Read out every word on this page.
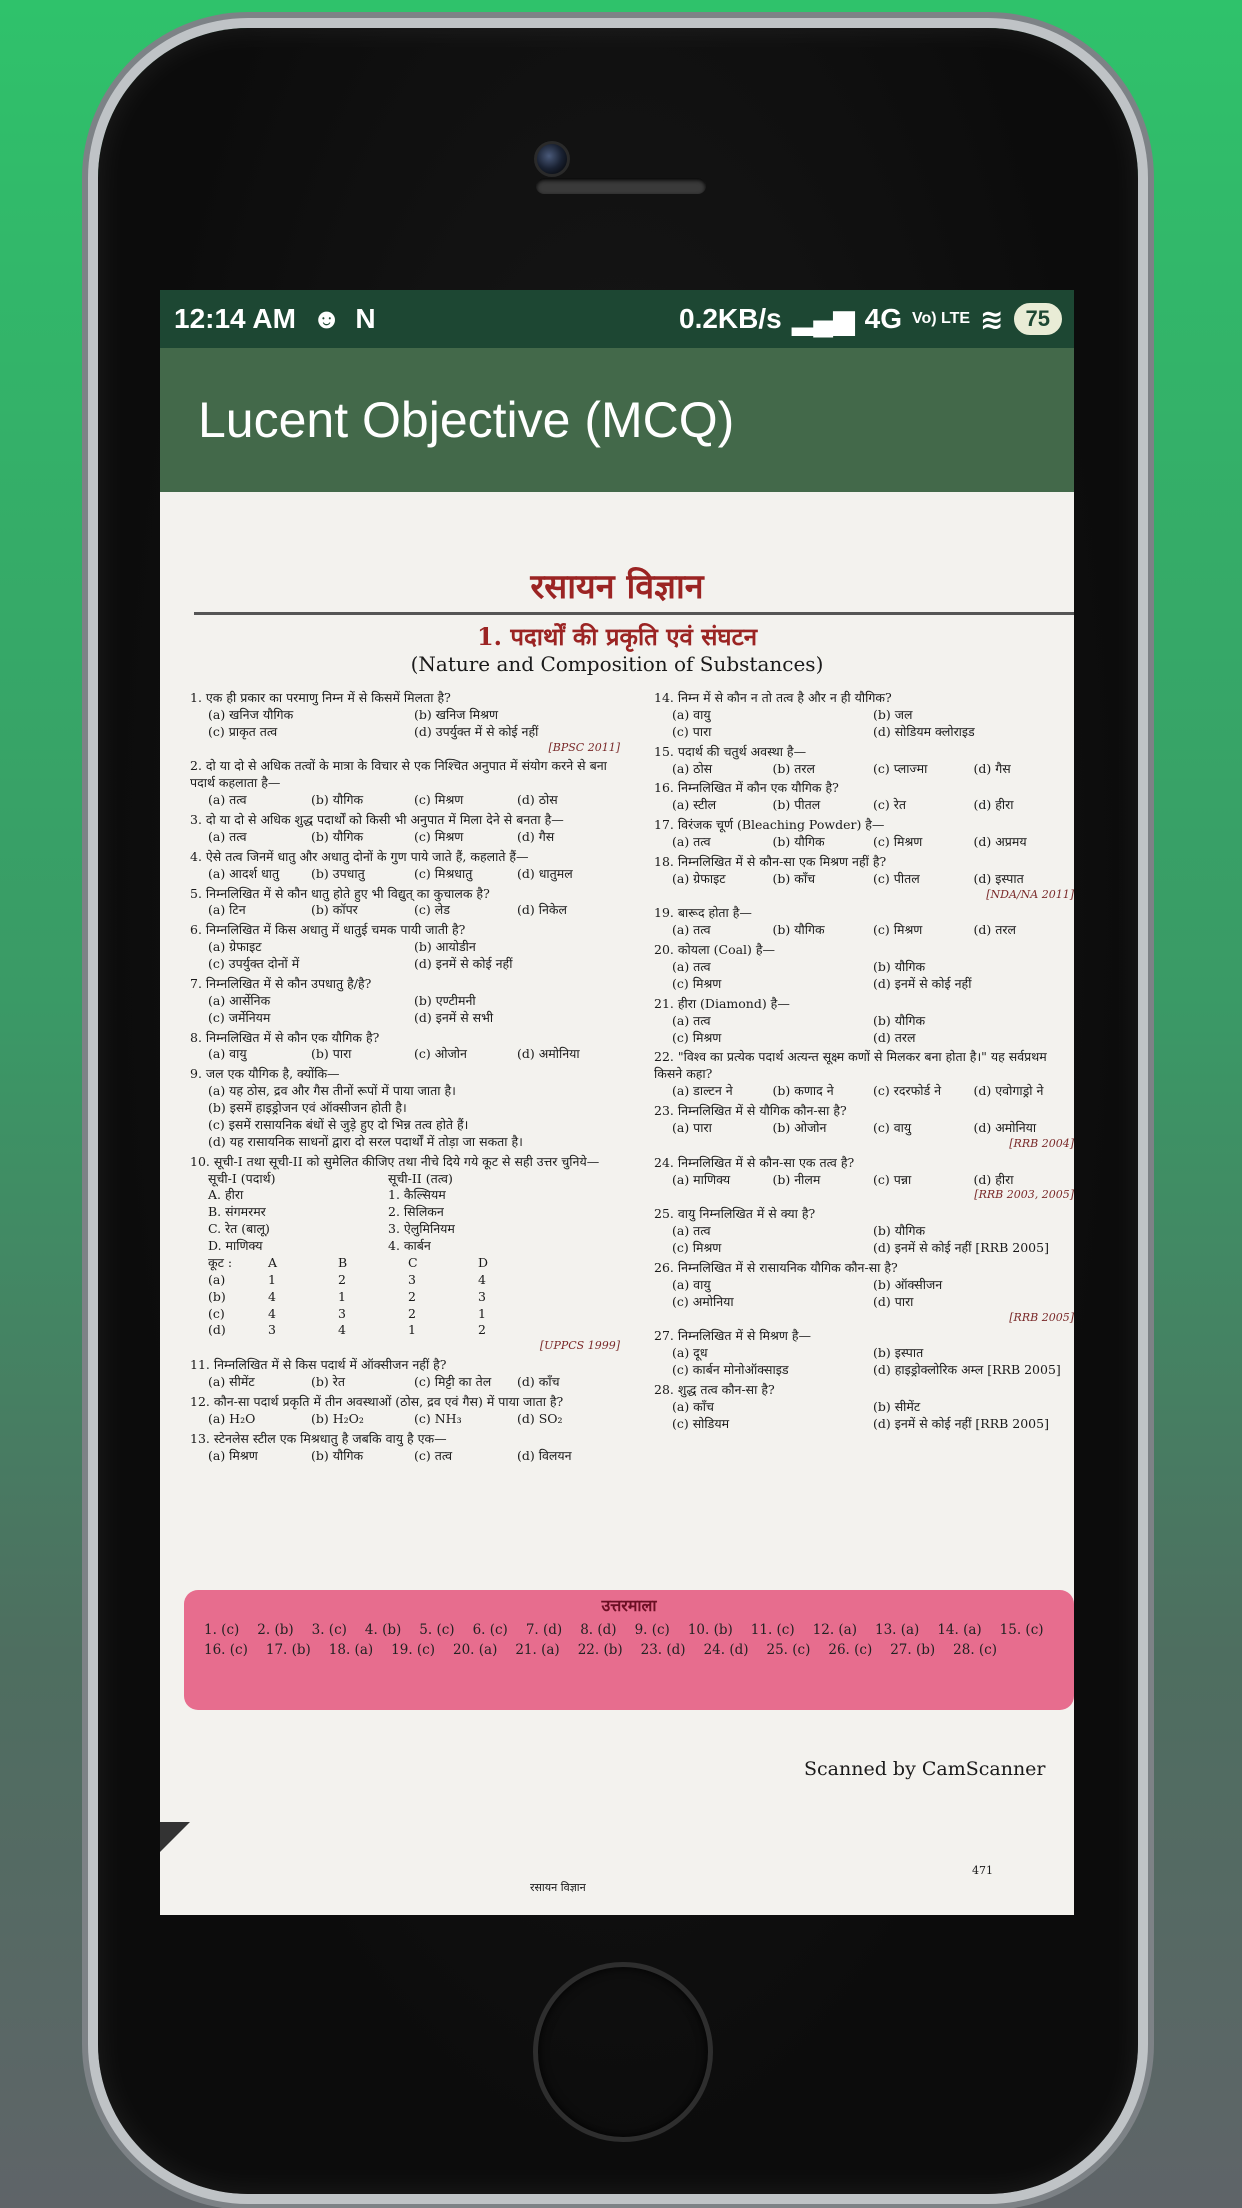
12:14 AM ☻ N	0.2KB/s ▂▄▆ 4G Vo) LTE ≋	75
Lucent Objective (MCQ)
रसायन विज्ञान
1. पदार्थों की प्रकृति एवं संघटन
(Nature and Composition of Substances)
1. एक ही प्रकार का परमाणु निम्न में से किसमें मिलता है?
(a) खनिज यौगिक	(b) खनिज मिश्रण
(c) प्राकृत तत्व	(d) उपर्युक्त में से कोई नहीं
[BPSC 2011]
2. दो या दो से अधिक तत्वों के मात्रा के विचार से एक निश्चित अनुपात में संयोग करने से बना पदार्थ कहलाता है—
(a) तत्व	(b) यौगिक	(c) मिश्रण	(d) ठोस
3. दो या दो से अधिक शुद्ध पदार्थों को किसी भी अनुपात में मिला देने से बनता है—
(a) तत्व	(b) यौगिक	(c) मिश्रण	(d) गैस
4. ऐसे तत्व जिनमें धातु और अधातु दोनों के गुण पाये जाते हैं, कहलाते हैं—
(a) आदर्श धातु	(b) उपधातु	(c) मिश्रधातु	(d) धातुमल
5. निम्नलिखित में से कौन धातु होते हुए भी विद्युत् का कुचालक है?
(a) टिन	(b) कॉपर	(c) लेड	(d) निकेल
6. निम्नलिखित में किस अधातु में धातुई चमक पायी जाती है?
(a) ग्रेफाइट	(b) आयोडीन
(c) उपर्युक्त दोनों में	(d) इनमें से कोई नहीं
7. निम्नलिखित में से कौन उपधातु है/है?
(a) आर्सेनिक	(b) एण्टीमनी
(c) जर्मेनियम	(d) इनमें से सभी
8. निम्नलिखित में से कौन एक यौगिक है?
(a) वायु	(b) पारा	(c) ओजोन	(d) अमोनिया
9. जल एक यौगिक है, क्योंकि—
(a) यह ठोस, द्रव और गैस तीनों रूपों में पाया जाता है।
(b) इसमें हाइड्रोजन एवं ऑक्सीजन होती है।
(c) इसमें रासायनिक बंधों से जुड़े हुए दो भिन्न तत्व होते हैं।
(d) यह रासायनिक साधनों द्वारा दो सरल पदार्थों में तोड़ा जा सकता है।
10. सूची-I तथा सूची-II को सुमेलित कीजिए तथा नीचे दिये गये कूट से सही उत्तर चुनिये—
सूची-I (पदार्थ)	सूची-II (तत्व)
A. हीरा	1. कैल्सियम
B. संगमरमर	2. सिलिकन
C. रेत (बालू)	3. ऐलुमिनियम
D. माणिक्य	4. कार्बन
कूट :	A	B	C	D
(a)	1	2	3	4
(b)	4	1	2	3
(c)	4	3	2	1
(d)	3	4	1	2
[UPPCS 1999]
11. निम्नलिखित में से किस पदार्थ में ऑक्सीजन नहीं है?
(a) सीमेंट	(b) रेत	(c) मिट्टी का तेल	(d) काँच
12. कौन-सा पदार्थ प्रकृति में तीन अवस्थाओं (ठोस, द्रव एवं गैस) में पाया जाता है?
(a) H₂O	(b) H₂O₂	(c) NH₃	(d) SO₂
13. स्टेनलेस स्टील एक मिश्रधातु है जबकि वायु है एक—
(a) मिश्रण	(b) यौगिक	(c) तत्व	(d) विलयन
14. निम्न में से कौन न तो तत्व है और न ही यौगिक?
(a) वायु	(b) जल
(c) पारा	(d) सोडियम क्लोराइड
15. पदार्थ की चतुर्थ अवस्था है—
(a) ठोस	(b) तरल	(c) प्लाज्मा	(d) गैस
16. निम्नलिखित में कौन एक यौगिक है?
(a) स्टील	(b) पीतल	(c) रेत	(d) हीरा
17. विरंजक चूर्ण (Bleaching Powder) है—
(a) तत्व	(b) यौगिक	(c) मिश्रण	(d) अप्रमय
18. निम्नलिखित में से कौन-सा एक मिश्रण नहीं है?
(a) ग्रेफाइट	(b) काँच	(c) पीतल	(d) इस्पात
[NDA/NA 2011]
19. बारूद होता है—
(a) तत्व	(b) यौगिक	(c) मिश्रण	(d) तरल
20. कोयला (Coal) है—
(a) तत्व	(b) यौगिक
(c) मिश्रण	(d) इनमें से कोई नहीं
21. हीरा (Diamond) है—
(a) तत्व	(b) यौगिक
(c) मिश्रण	(d) तरल
22. "विश्व का प्रत्येक पदार्थ अत्यन्त सूक्ष्म कणों से मिलकर बना होता है।" यह सर्वप्रथम किसने कहा?
(a) डाल्टन ने	(b) कणाद ने	(c) रदरफोर्ड ने	(d) एवोगाड्रो ने
23. निम्नलिखित में से यौगिक कौन-सा है?
(a) पारा	(b) ओजोन	(c) वायु	(d) अमोनिया
[RRB 2004]
24. निम्नलिखित में से कौन-सा एक तत्व है?
(a) माणिक्य	(b) नीलम	(c) पन्ना	(d) हीरा
[RRB 2003, 2005]
25. वायु निम्नलिखित में से क्या है?
(a) तत्व	(b) यौगिक
(c) मिश्रण	(d) इनमें से कोई नहीं [RRB 2005]
26. निम्नलिखित में से रासायनिक यौगिक कौन-सा है?
(a) वायु	(b) ऑक्सीजन
(c) अमोनिया	(d) पारा
[RRB 2005]
27. निम्नलिखित में से मिश्रण है—
(a) दूध	(b) इस्पात
(c) कार्बन मोनोऑक्साइड	(d) हाइड्रोक्लोरिक अम्ल [RRB 2005]
28. शुद्ध तत्व कौन-सा है?
(a) काँच	(b) सीमेंट
(c) सोडियम	(d) इनमें से कोई नहीं [RRB 2005]
उत्तरमाला
1. (c) 2. (b) 3. (c) 4. (b) 5. (c) 6. (c) 7. (d) 8. (d) 9. (c) 10. (b) 11. (c) 12. (a) 13. (a) 14. (a) 15. (c)
16. (c) 17. (b) 18. (a) 19. (c) 20. (a) 21. (a) 22. (b) 23. (d) 24. (d) 25. (c) 26. (c) 27. (b) 28. (c)
Scanned by CamScanner
रसायन विज्ञान
471
